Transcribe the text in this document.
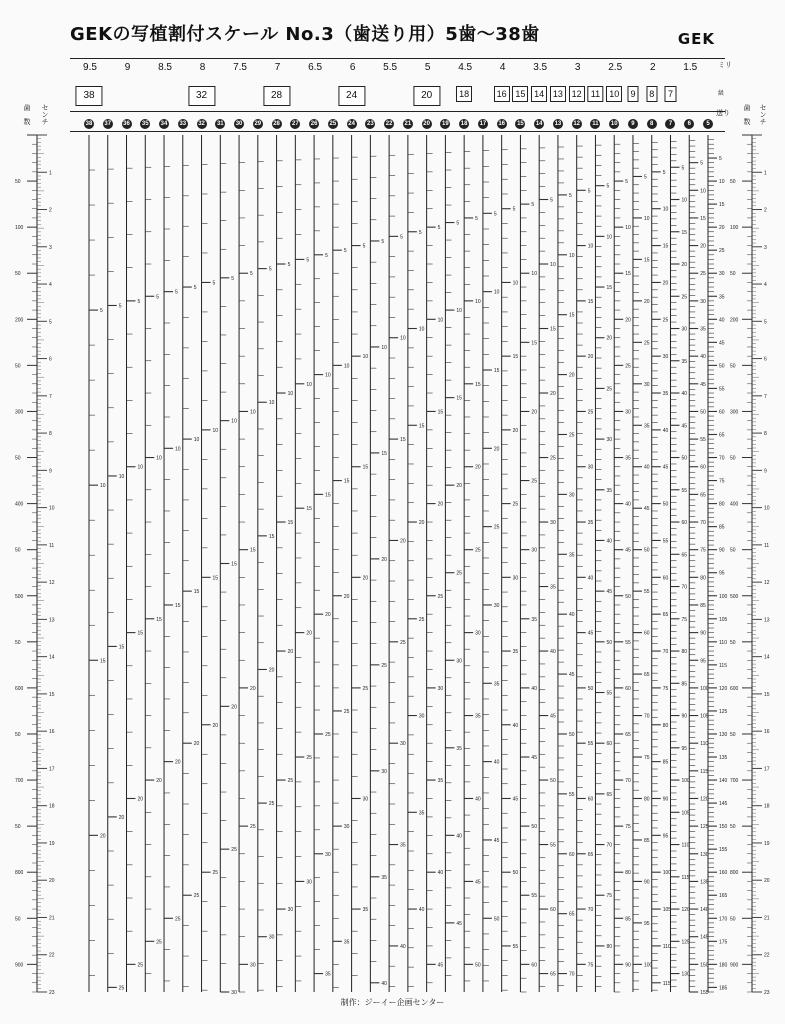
GEKの写植割付スケール No.3（歯送り用）5歯〜38歯	GEK
9.5	9	8.5	8	7.5	7	6.5	6	5.5	5	4.5	4	3.5	3	2.5	2	1.5
38	32	28	24	20	18	16 15 14 13 12	11	10	9	8	7
38 37 36 35 34 33 32 31 30 29 28 27 26 25 24 23 22 21 20 19 18 17 16 15 14 13 12	11	10	9	8	7	6	5
歯
数 センチ	歯
数 センチ
送り
級
ミリ
5
10
15
20
5
10
15
20
25
5
10
15
20
25
5
10
15
20
25
5
10
15
20
25
5
10
15
20
25
5
10
15
20
25
5
10
15
20
25
30
5
10
15
20
25
30
5
10
15
20
25
30
5
10
15
20
25
30
5
10
15
20
25
30
5
10
15
20
25
30
35
5
10
15
20
25
30
35
5
10
15
20
25
30
35
5
10
15
20
25
30
35
40
5
10
15
20
25
30
35
40
5
10
15
20
25
30
35
40
5
10
15
20
25
30
35
40
45
5
10
15
20
25
30
35
40
45
5
10
15
20
25
30
35
40
45
50
5
10
15
20
25
30
35
40
45
50
5
10
15
20
25
30
35
40
45
50
55
5
10
15
20
25
30
35
40
45
50
55
60
5
10
15
20
25
30
35
40
45
50
55
60
65
5
10
15
20
25
30
35
40
45
50
55
60
65
70
5
10
15
20
25
30
35
40
45
50
55
60
65
70
75
5
10
15
20
25
30
35
40
45
50
55
60
65
70
75
80
5
10
15
20
25
30
35
40
45
50
55
60
65
70
75
80
85
90
5
10
15
20
25
30
35
40
45
50
55
60
65
70
75
80
85
90
95
100
5
10
15
20
25
30
35
40
45
50
55
60
65
70
75
80
85
90
95
100
105
110
115
5
10
15
20
25
30
35
40
45
50
55
60
65
70
75
80
85
90
95
100
105
110
115
120
125
130
5
10
15
20
25
30
35
40
45
50
55
60
65
70
75
80
85
90
95
100
105
110
115
120
125
130
135
140
145
150
155
5
10
15
20
25
30
35
40
45
50
55
60
65
70
75
80
85
90
95
100
105
110
115
120
125
130
135
140
145
150
155
160
165
170
175
180
185
50
100
50
200
50
300
50
400
50
500
50
600
50
700
50
800
50
900
1
2
3
4
5
6
7
8
9
10
11
12
13
14
15
16
17
18
19
20
21
22
23
50
100
50
200
50
300
50
400
50
500
50
600
50
700
50
800
50
900
1
2
3
4
5
6
7
8
9
10
11
12
13
14
15
16
17
18
19
20
21
22
23
制作：ジーイー企画センター
